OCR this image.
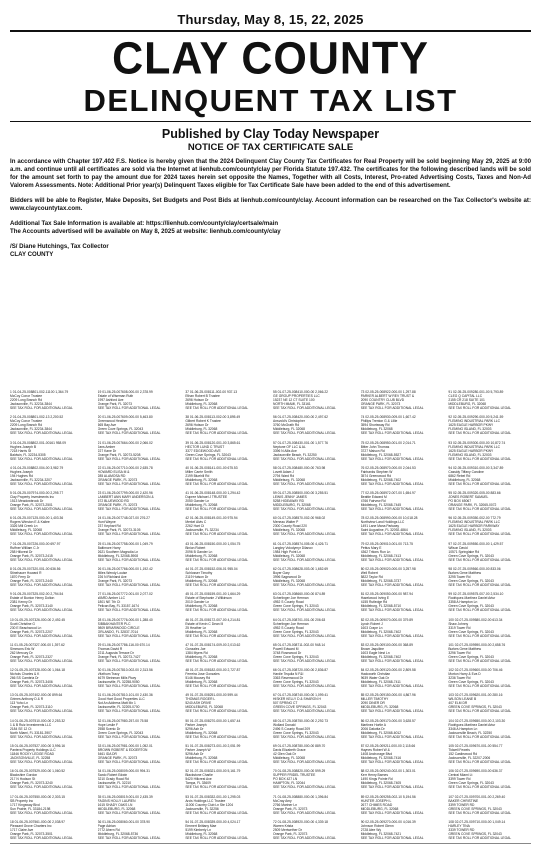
Thursday, May 8, 15, 22, 2025
CLAY COUNTY
DELINQUENT TAX LIST
Published by Clay Today Newspaper
NOTICE OF TAX CERTIFICATE SALE

In accordance with Chapter 197.402 F.S. Notice is hereby given that the 2024 Delinquent Clay County Tax Certificates for Real Property will be sold beginning May 29, 2025 at 9:00 a.m. and continue until all certificates are sold via the Internet at lienhub.com/county/clay per Florida Statute 197.432. The certificates for the following described lands will be sold for the amount set forth to pay the amount due for 2024 taxes herein set opposite the Names, Together with all Costs, Interest, Pro-rated Advertising Costs, Taxes and Non-Ad Valorem Assessments. Note: Additional Prior year(s) Delinquent Taxes eligible for Tax Certificate Sale have been added to the end of this advertisement.

Bidders will be able to Register, Make Deposits, Set Budgets and Post Bids at lienhub.com/county/clay. Account information can be researched on the Tax Collector's website at: www.claycountytax.com.

Additional Tax Sale Information is available at: https://lienhub.com/county/clay/certsale/main
The Accounts advertised will be available on May 8, 2025 at website: lienhub.com/county/clay
/S/ Diane Hutchings, Tax Collector
CLAY COUNTY
1 01-04-25-008801-002-11100 1,364.79
McCoy Conor Trustee
2209 Long Branch Rd
Jacksonville, FL 32234-3844
SEE TAX ROLL FOR ADDITIONAL LEGAL
2 01-04-25-008801-002-13 2,200.52
McCoy Conor Trustee
2209 Long Branch Rd
Jacksonville, FL 32234-3844
SEE TAX ROLL FOR ADDITIONAL LEGAL
3 01-04-25-008802-001-00161 958.09
Hughes Joseph B
7218 Harris St
Baldwin, FL 32234-5305
SEE TAX ROLL FOR ADDITIONAL LEGAL
4 01-04-25-008802-004-00 3,982.79
Hughes Joseph
194 Hughes Rd
Jacksonville, FL 32234-3207
SEE TAX ROLL FOR ADDITIONAL LEGAL
5 01-05-25-007974-000-00 2,295.77
Clay Property Investments Inc
1513 Meadowbrook Dr
Orange Park, FL 32073-2501
SEE TAX ROLL FOR ADDITIONAL LEGAL
6 01-05-25-007125-000-00 1,403.36
Rogers Winston E & Kailee
3326 Mill Creek Ln
Middleburg, FL 32068
SEE TAX ROLL FOR ADDITIONAL LEGAL
7 01-05-25-007226-000-00 697.97
Ruffner William C Jr
258 Hillcrest Dr
Orange Park, FL 32073-2415
SEE TAX ROLL FOR ADDITIONAL LEGAL
8 01-05-25-007320-001-00 636.56
Stinehauer Howard R
1870 Ferry Dr
Orange Park, FL 32073-2440
SEE TAX ROLL FOR ADDITIONAL LEGAL
9 01-05-25-007325-002-00 2,794.54
Estate of Buxton Henry Dolton
2381 Kenny Dr
Orange Park, FL 32073-3140
SEE TAX ROLL FOR ADDITIONAL LEGAL
10 01-05-25-007326-000-00 2,492.45
Scott Christine G
230 E Beachwood Ln
Orange Park, FL 32073-2207
SEE TAX ROLL FOR ADDITIONAL LEGAL
11 01-05-25-007327-000-00 1,397.62
Simmons Eric W
262 Mercury Dr
Orange Park, FL 32073-2327
SEE TAX ROLL FOR ADDITIONAL LEGAL
12 01-05-25-007328-000-00 1,064.18
Nichols Charles & K
266 SS Cambria Dr
Orange Park, FL 32073-3406
SEE TAX ROLL FOR ADDITIONAL LEGAL
13 01-05-25-007402-000-00 899.64
Grimes Anthony D & R
113 Yoho Ln
Orange Park, FL 32073-3110
SEE TAX ROLL FOR ADDITIONAL LEGAL
14 01-06-25-007510-000-00 2,253.32
1 & B Ruiz Investments LLC
2184 SE 12 Ct
North Miami, FL 33181-3907
SEE TAX ROLL FOR ADDITIONAL LEGAL
15 01-06-25-007527-000-00 3,996.16
Pantera Property Holdings LLC
11846 ROCKY LEDGE ROAD
JACKSONVILLE, FL 32258
SEE TAX ROLL FOR ADDITIONAL LEGAL
16 01-06-25-007529-000-00 1,060.52
Blackshire Gordon
217 N Hodson St
Orange Park, FL 32073-3240
SEE TAX ROLL FOR ADDITIONAL LEGAL
17 01-06-25-007550-000-00 2,303.15
SB Property Inc
1717 Kingsway Blvd
Sun Prairie, FL 33184-2198
SEE TAX ROLL FOR ADDITIONAL LEGAL
18 01-06-25-007561-000-00 2,038.97
Pleasant Grove Charters Inc
1717 Claire Ave
Orange Park, FL 32073-3501
SEE TAX ROLL FOR ADDITIONAL LEGAL
19 01-06-25-007608-000-00 2,378.99
Estate of Wiseman Ruth
1997 Ashford Ave
Orange Park, FL 32073
SEE TAX ROLL FOR ADDITIONAL LEGAL
20 01-06-25-007609-000-00 5,463.80
Greenwood Heather
665 Bay Ave
Green Cove Springs, FL 32043
SEE TAX ROLL FOR ADDITIONAL LEGAL
21 01-06-25-007664-000-00 2,066.02
Jans Amber
227 Kane Dr
Orange Park, FL 32073-5208
SEE TAX ROLL FOR ADDITIONAL LEGAL
22 01-06-25-007710-000-00 2,635.78
HOWARD ELISA M &
285 ALAMOSA RD
ORANGE PARK, FL 32073
SEE TAX ROLL FOR ADDITIONAL LEGAL
23 01-06-25-007799-000-00 2,420.96
LAMBERT ANN MARY ANDERSON &
672 BLUEWOOD RD
ORANGE PARK, FL 32073
SEE TAX ROLL FOR ADDITIONAL LEGAL
24 01-06-25-007748-027-00 276.27
Hunt Wayne
237 Kephart Rd
Orange Park, FL 32073-3105
SEE TAX ROLL FOR ADDITIONAL LEGAL
25 01-06-25-007758-000-00 1,049.79
Baltimore Harry
2621 Southern Magnolia Ln
Middleburg, FL 32068-5908
SEE TAX ROLL FOR ADDITIONAL LEGAL
26 01-06-25-007766-000-00 1,192.42
Miles Wendy Louise
226 N Richland Ave
Orange Park, FL 32073
SEE TAX ROLL FOR ADDITIONAL LEGAL
27 01-06-25-007772-001-00 2,077.02
WARD Amber LLC
1801 NE 7th Ct
Pelican Bay, FL 33157-1674
SEE TAX ROLL FOR ADDITIONAL LEGAL
28 01-06-25-007776-000-00 1,288.40
SIBBAKHANTER PLC
9809 BRIARWOOD CIRCLE
ORLANDO, FL 32837-7014
SEE TAX ROLL FOR ADDITIONAL LEGAL
29 01-06-25-007786-116-00 670.14
Thomas David R
2211 Augusta Terrace Dr
Orange Park, FL 32073-7427
SEE TAX ROLL FOR ADDITIONAL LEGAL
30 01-06-25-007810-002-00 2,313.56
Vitzthum Tracy
4679 Steinman Mills Pkwy
Jacksonville, FL 32258-9050
SEE TAX ROLL FOR ADDITIONAL LEGAL
31 01-06-25-007810-101-00 2,430.36
Good Hart Good Properties LLC
Not An Address Matt Mx 1
Jacksonville, FL 32205-0700
SEE TAX ROLL FOR ADDITIONAL LEGAL
32 01-06-25-007980-257-00 75.58
Hope Leslie F
2558 Scenic Dr
Green Cove Springs, FL 32043
SEE TAX ROLL FOR ADDITIONAL LEGAL
33 01-06-25-007981-000-00 1,052.01
BROWN ROBERT & EDGERTON
5461 IDA DR
ORANGE PARK, FL 32073
SEE TAX ROLL FOR ADDITIONAL LEGAL
34 01-06-25-008009-000-00 994.31
Sardo Robert Edwin
3210 Grady Road Rd
Jacksonville, FL 32210
SEE TAX ROLL FOR ADDITIONAL LEGAL
35 01-06-25-008019-001-00 2,435.39
FAGINS HOLLY LAUREN
1615 SHADY OAKS LN
MIDDLEBURG, FL 32068
SEE TAX ROLL FOR ADDITIONAL LEGAL
36 01-06-25-008060-001-00 378.90
Page Adrian
2772 Ahern Rd
Middleburg, FL 32068-5736
SEE TAX ROLL FOR ADDITIONAL LEGAL
37 01-06-25-008111-002-00 937.13
Ethan Robert B Trustee
2696 Hutson Dr
Middleburg, FL 32068
SEE TAX ROLL FOR ADDITIONAL LEGAL
38 01-06-25-008113-002-00 3,895.49
Gilbert Robert K Trustee
2696 Hutson Dr
Middleburg, FL 32068
SEE TAX ROLL FOR ADDITIONAL LEGAL
39 01-06-25-008120-001-00 3,865.61
HECTOR LUND C TRUST
3377 EDGEWOOD AVE
Green Cove Springs, FL 32043
SEE TAX ROLL FOR ADDITIONAL LEGAL
40 01-06-25-008141-001-00 675.53
Miller Carrie Smith
2199 Bluehill Rd
Middleburg, FL 32068
SEE TAX ROLL FOR ADDITIONAL LEGAL
41 01-06-25-008148-000-00 1,294.42
Dupree Michael J TRUSTEE
2050 Gander Ln
Middleburg, FL 32068
SEE TAX ROLL FOR ADDITIONAL LEGAL
42 01-06-25-008149-001-00 975.94
Merkel Alvis C
2262 Hart Ct
Jacksonville, FL 32234
SEE TAX ROLL FOR ADDITIONAL LEGAL
43 01-06-25-008150-000-00 1,054.75
Binion Robert
2096 B Gander Ln
Middleburg, FL 32068
SEE TAX ROLL FOR ADDITIONAL LEGAL
44 01-07-25-008152-006-01 955.04
Schlosser Timothy
2119 Hutson Dr
Middleburg, FL 32068
SEE TAX ROLL FOR ADDITIONAL LEGAL
45 01-07-25-008159-001-00 1,664.29
Estate of Stephanie J Wilkinson
2010 Gander Ln
Middleburg, FL 32068
SEE TAX ROLL FOR ADDITIONAL LEGAL
46 01-07-25-008172-007-00 4,214.81
Estate of Kevin C Dean III
25 Heather Ln
Middleburg, FL 32068
SEE TAX ROLL FOR ADDITIONAL LEGAL
47 01-07-25-008174-009-00 2,013.62
Gonzales Joe
1384 Myers Rd
Middleburg, FL 32068
SEE TAX ROLL FOR ADDITIONAL LEGAL
48 01-07-25-008182-000-00 2,727.87
Ferreira Jose Gonzales
5146 Mousey Rd
Middleburg, FL 32068
SEE TAX ROLL FOR ADDITIONAL LEGAL
49 01-07-25-008251-000-00 599.44
THOMAS ROGER L
5240 ASH DRIVE
MIDDLEBURG, FL 32068
SEE TAX ROLL FOR ADDITIONAL LEGAL
50 01-07-25-008270-000-00 1,657.44
Parker Joseph
5296 Ash Dr
Middleburg, FL 32068
SEE TAX ROLL FOR ADDITIONAL LEGAL
51 01-07-25-008273-001-00 2,051.99
Parker Joseph W
5296 Ash Dr
Middleburg, FL 32068
SEE TAX ROLL FOR ADDITIONAL LEGAL
52 01-07-25-008321-000-00 5,161.79
Blackstone Charlie
5420 Hillcrest Ave
Tampa, FL 33609
SEE TAX ROLL FOR ADDITIONAL LEGAL
53 01-07-25-008332-001-00 1,295.03
Arcis Holdings LLC Trustee
11000 Country Club Ln Ste 1204
Jacksonville, FL 32256
SEE TAX ROLL FOR ADDITIONAL LEGAL
54 01-07-25-008339-000-00 4,024.17
Emmert Brittany Mae
5199 Kimberly Ln
Middleburg, FL 32068
SEE TAX ROLL FOR ADDITIONAL LEGAL
55 01-07-25-008410-000-00 2,066.22
GE GROUP PROPERTIES LLC
15237 NE 12 CT SUITE 100
NORTH MIAMI, FL 33161
SEE TAX ROLL FOR ADDITIONAL LEGAL
56 01-07-25-008420-000-00 2,497.62
Ansvold's Christopher
3760 McGrath Rd
Middleburg, FL 32068
SEE TAX ROLL FOR ADDITIONAL LEGAL
57 01-07-25-008430-001-00 1,577.76
Neptune OF LLC & AL
3396 N Allis Ave
Jacksonville Beach, FL 32250
SEE TAX ROLL FOR ADDITIONAL LEGAL
58 01-07-25-008480-000-00 763.98
Lovett Adam J
2794 Ward Rd
Middleburg, FL 32068
SEE TAX ROLL FOR ADDITIONAL LEGAL
59 01-07-25-008500-000-00 3,255.51
LEWIS JENNY JAMES
5258 HIDEAWAY RD
MIDDLEBURG, FL 32068
SEE TAX ROLL FOR ADDITIONAL LEGAL
60 01-07-25-008570-002-00 968.02
Meneau Walter P
2300 County Road 220
Middleburg, FL 32068
SEE TAX ROLL FOR ADDITIONAL LEGAL
61 01-07-25-008574-005-00 4,426.71
Langley Volodymyr Dilanov
1984 High Point Ln
Middleburg, FL 32068
SEE TAX ROLL FOR ADDITIONAL LEGAL
62 01-07-25-008628-003-00 1,652.69
Boyer Gary
3996 Sagewood Dr
Middleburg, FL 32068
SEE TAX ROLL FOR ADDITIONAL LEGAL
63 01-07-25-008660-000-00 874.89
Scherlinger Joe Herman
4952 S County Road
Green Cove Springs, FL 32043
SEE TAX ROLL FOR ADDITIONAL LEGAL
64 01-07-25-008701-001-00 206.63
Scherlinger Joe Herman
4952 S County Road
Green Cove Springs, FL 32043
SEE TAX ROLL FOR ADDITIONAL LEGAL
65 01-07-25-008711-002-00 948.14
Powell Edward M
3748 Rosewood Dr
Green Cove Springs, FL 32043
SEE TAX ROLL FOR ADDITIONAL LEGAL
66 01-07-25-008720-000-00 2,836.87
Hardie Tequila N F&I
3363 Ravenwood Dr
Green Cove Springs, FL 32043
SEE TAX ROLL FOR ADDITIONAL LEGAL
67 01-07-25-008740-000-00 1,099.41
HISKER KELLY D & SHARON H
507 SPRING CT
GREEN COVE SPRINGS, FL 32043
SEE TAX ROLL FOR ADDITIONAL LEGAL
68 01-07-25-008750-000-00 2,292.73
Wollard Donald
2496 S County Road 209
Green Cove Springs, FL 32043
SEE TAX ROLL FOR ADDITIONAL LEGAL
69 01-07-25-008780-000-00 889.70
Davis Elizabeth Grace
42 Glen Oak Dr
Middleburg, FL 32068
SEE TAX ROLL FOR ADDITIONAL LEGAL
70 01-08-25-008820-000-00 599.29
SUPPER FRIDEL TRUSTEE
PO BOX 427 LN
HAMPTON, FL 32044
SEE TAX ROLL FOR ADDITIONAL LEGAL
71 01-08-25-008880-000-00 1,396.84
McCray Amy
2766 Mariner Ln
Orange Park, FL 32073
SEE TAX ROLL FOR ADDITIONAL LEGAL
72 01-08-25-008920-000-00 4,339.18
Warren Krista
2509 Meriwether Dr
Orange Park, FL 32073
SEE TAX ROLL FOR ADDITIONAL LEGAL
73 02-05-25-008922-000-00 1,297.88
PARKER ALBERT W REV TRUST &
2090 COUNTRY CLUB BLVD
ORANGE PARK, FL 32073
SEE TAX ROLL FOR ADDITIONAL LEGAL
74 02-05-25-008930-009-00 1,607.42
Phillips Trenton G & Lillie
3594 Shortsway Rd
Middleburg, FL 32068
SEE TAX ROLL FOR ADDITIONAL LEGAL
75 02-05-25-008950-001-00 2,014.71
Bitter John Thomas
3727 Maison Rd
Middleburg, FL 32068-5527
SEE TAX ROLL FOR ADDITIONAL LEGAL
76 02-05-25-008970-000-00 2,044.53
Fairbanks Stephen W
3574 Greenwood Rd
Middleburg, FL 32068-7402
SEE TAX ROLL FOR ADDITIONAL LEGAL
77 02-05-25-008972-007-00 1,654.97
Beattie Edward M
4766 Fairvew Rd
Middleburg, FL 32068-7445
SEE TAX ROLL FOR ADDITIONAL LEGAL
78 02-05-25-008990-000-00 10,018.28
Northview Land Holdings LLC
1491 Lane Mana Parkway
Saint Augustine, FL 32092-4864
SEE TAX ROLL FOR ADDITIONAL LEGAL
79 02-05-25-009010-001-00 713.75
Pettus Mary E
4362 Tritons Run Ln
Middleburg, FL 32068-7413
SEE TAX ROLL FOR ADDITIONAL LEGAL
80 02-05-25-009020-000-00 3,257.98
Weil Robert
5822 Taylor Rd
Middleburg, FL 32068-3737
SEE TAX ROLL FOR ADDITIONAL LEGAL
81 02-05-25-009050-000-00 987.94
Hazelwood Irving E
4155 Rutledge Rd
Middleburg, FL 32068-5710
SEE TAX ROLL FOR ADDITIONAL LEGAL
82 02-05-25-009070-000-00 379.89
Lynch Robert J
1603 Crape Ln
Middleburg, FL 32068-7402
SEE TAX ROLL FOR ADDITIONAL LEGAL
83 02-05-25-009100-000-00 368.89
Brown Jaquiline
1603 Eagle Nest Ln
Middleburg, FL 32068-7402
SEE TAX ROLL FOR ADDITIONAL LEGAL
84 02-05-25-009120-000-00 2,809.58
Hackworth Christian
9639 Water Oak Dr
Middleburg, FL 32068-7411
SEE TAX ROLL FOR ADDITIONAL LEGAL
85 02-05-25-009150-000-00 4,867.96
MILLER TIMOTHY
2090 DINER DR
MIDDLEBURG, FL 32068
SEE TAX ROLL FOR ADDITIONAL LEGAL
86 02-05-25-009170-000-00 3,628.57
Martinez Hortle A
2006 Dakotta Dr
Middleburg, FL 32068-6012
SEE TAX ROLL FOR ADDITIONAL LEGAL
87 02-05-25-009211-000-00 2,115.66
Haynes Robert W &
1408 Anchorage Blvd
Middleburg, FL 32068-7416
SEE TAX ROLL FOR ADDITIONAL LEGAL
88 02-05-25-009240-002-00 1,303.01
Kerr Henry Barnes
1490 Kings Pointe Rd
Middleburg, FL 32068-7405
SEE TAX ROLL FOR ADDITIONAL LEGAL
89 02-05-25-009255-002-10 5,194.56
HUNTER JOSEPH L
2677 CHIMES ROAD
MIDDLEBURG, FL 32068
SEE TAX ROLL FOR ADDITIONAL LEGAL
90 02-05-25-009270-000-00 4,016.39
Johnson Robert Glenn
2728 Alee Wy
Middleburg, FL 32068-7421
SEE TAX ROLL FOR ADDITIONAL LEGAL
91 02-05-25-009280-001-00 5,793.89
CLEG Q CAPITAL LLC
2155 CR 218 SUITE 101
MIDDLEBURG, FL 32068
SEE TAX ROLL FOR ADDITIONAL LEGAL
92 02-05-25-009290-000-00 5,241.59
FLEMING INDUSTRIAL PARK LLC
1625 EAGLE HARBOR PKWY
FLEMING ISLAND, FL 32003
SEE TAX ROLL FOR ADDITIONAL LEGAL
93 02-05-25-009300-000-00 10,872.74
FLEMING INDUSTRIAL PARK LLC
1625 EAGLE HARBOR PKWY
FLEMING ISLAND, FL 32003
SEE TAX ROLL FOR ADDITIONAL LEGAL
94 02-05-25-009310-000-00 3,347.89
Cassidy Tiffany Caroline
6862 Rebel Rd
Middleburg, FL 32068
SEE TAX ROLL FOR ADDITIONAL LEGAL
95 02-05-25-009320-005-00 883.66
JONES ROBERT SAMUEL
PO BOX 65067
ORANGE PARK, FL 32065-0072
SEE TAX ROLL FOR ADDITIONAL LEGAL
96 02-05-25-009350-002-00 772.79
FLEMING INDUSTRIAL PARK LLC
1625 EAGLE HARBOR PARKWAY
FLEMING ISLAND, FL 32003
SEE TAX ROLL FOR ADDITIONAL LEGAL
97 02-07-25-009550-000-00 1,429.57
Wilson David
10571 Springlake Rd
Green Cove Springs, FL 32043
SEE TAX ROLL FOR ADDITIONAL LEGAL
98 02-07-25-009560-000-00 833.06
Burkes Gene Matthew
3295 Tower Rd
Green Cove Springs, FL 32043
SEE TAX ROLL FOR ADDITIONAL LEGAL
99 02-07-25-009575-007-00 2,534.10
Rodriquez-Martinez Daniel Artur
3358 A Hampton Ln
Green Cove Springs, FL 32043
SEE TAX ROLL FOR ADDITIONAL LEGAL
100 02-07-25-009580-002-00 613.34
Shaw Johnny
3319 Tower Rd
Green Cove Springs, FL 32043
SEE TAX ROLL FOR ADDITIONAL LEGAL
101 02-07-25-009590-000-00 2,658.76
Burkes Gene Matthew
3296 Tower Rd
Green Cove Springs, FL 32043
SEE TAX ROLL FOR ADDITIONAL LEGAL
102 02-07-25-009600-000-00 706.46
Morton Harry & Eva D
3236 Tower Rd
Green Cove Springs, FL 32043
SEE TAX ROLL FOR ADDITIONAL LEGAL
103 02-07-25-009620-001-00 280.16
WILSON LEANE B
407 ELM DR
GREEN COVE SPRINGS, FL 32043
SEE TAX ROLL FOR ADDITIONAL LEGAL
104 02-07-25-009650-000-00 2,103.30
Rodriguez-Martinez Daniel Artur
3346 A Hampton Ln
Jacksonville Beach, FL 32250
SEE TAX ROLL FOR ADDITIONAL LEGAL
105 02-07-25-009670-001-00 554.77
Tidwell Fewels
152 Castlewood Rd
Jacksonville, FL 32207-2006
SEE TAX ROLL FOR ADDITIONAL LEGAL
106 02-07-25-009690-000-00 636.37
Central Miami Lt
3399 Tower Rd
Green Cove Springs, FL 32043
SEE TAX ROLL FOR ADDITIONAL LEGAL
107 02-07-25-009700-001-00 2,269.40
BAKER CHRISTINE
3399 TOWER RD
GREEN COVE SPRINGS, FL 32043
SEE TAX ROLL FOR ADDITIONAL LEGAL
108 02-07-25-009710-000-00 1,049.14
HARLEY TINA
3339 TOWER RD
GREEN COVE SPRINGS, FL 32043
SEE TAX ROLL FOR ADDITIONAL LEGAL
